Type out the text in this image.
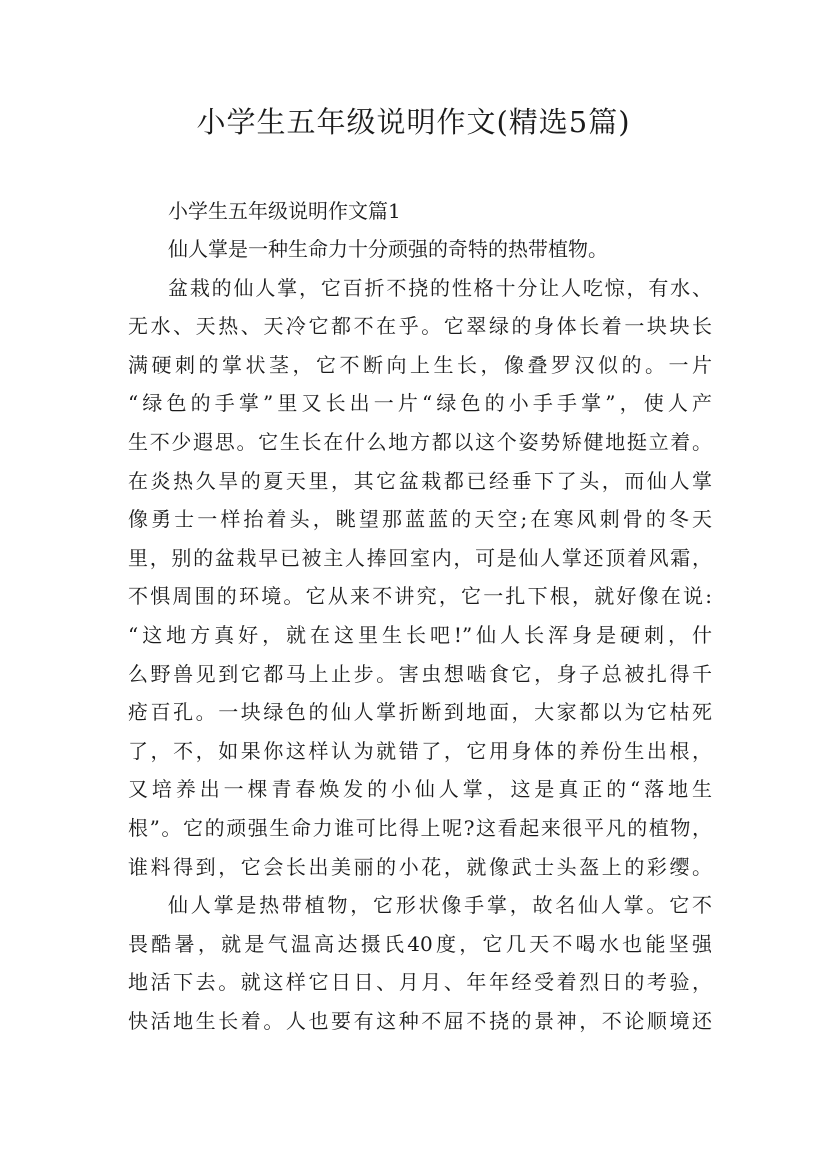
小学生五年级说明作文(精选5篇)

小学生五年级说明作文篇1

仙人掌是一种生命力十分顽强的奇特的热带植物。

盆栽的仙人掌，它百折不挠的性格十分让人吃惊，有水、

无水、天热、天冷它都不在乎。它翠绿的身体长着一块块长

满硬刺的掌状茎，它不断向上生长，像叠罗汉似的。一片

“绿色的手掌”里又长出一片“绿色的小手手掌”，使人产

生不少遐思。它生长在什么地方都以这个姿势矫健地挺立着。

在炎热久旱的夏天里，其它盆栽都已经垂下了头，而仙人掌

像勇士一样抬着头，眺望那蓝蓝的天空;在寒风刺骨的冬天

里，别的盆栽早已被主人捧回室内，可是仙人掌还顶着风霜，

不惧周围的环境。它从来不讲究，它一扎下根，就好像在说:

“这地方真好，就在这里生长吧!”仙人长浑身是硬刺，什

么野兽见到它都马上止步。害虫想啮食它，身子总被扎得千

疮百孔。一块绿色的仙人掌折断到地面，大家都以为它枯死

了，不，如果你这样认为就错了，它用身体的养份生出根，

又培养出一棵青春焕发的小仙人掌，这是真正的“落地生

根”。它的顽强生命力谁可比得上呢?这看起来很平凡的植物，

谁料得到，它会长出美丽的小花，就像武士头盔上的彩缨。

仙人掌是热带植物，它形状像手掌，故名仙人掌。它不

畏酷暑，就是气温高达摄氏40度，它几天不喝水也能坚强

地活下去。就这样它日日、月月、年年经受着烈日的考验，

快活地生长着。人也要有这种不屈不挠的景神，不论顺境还
